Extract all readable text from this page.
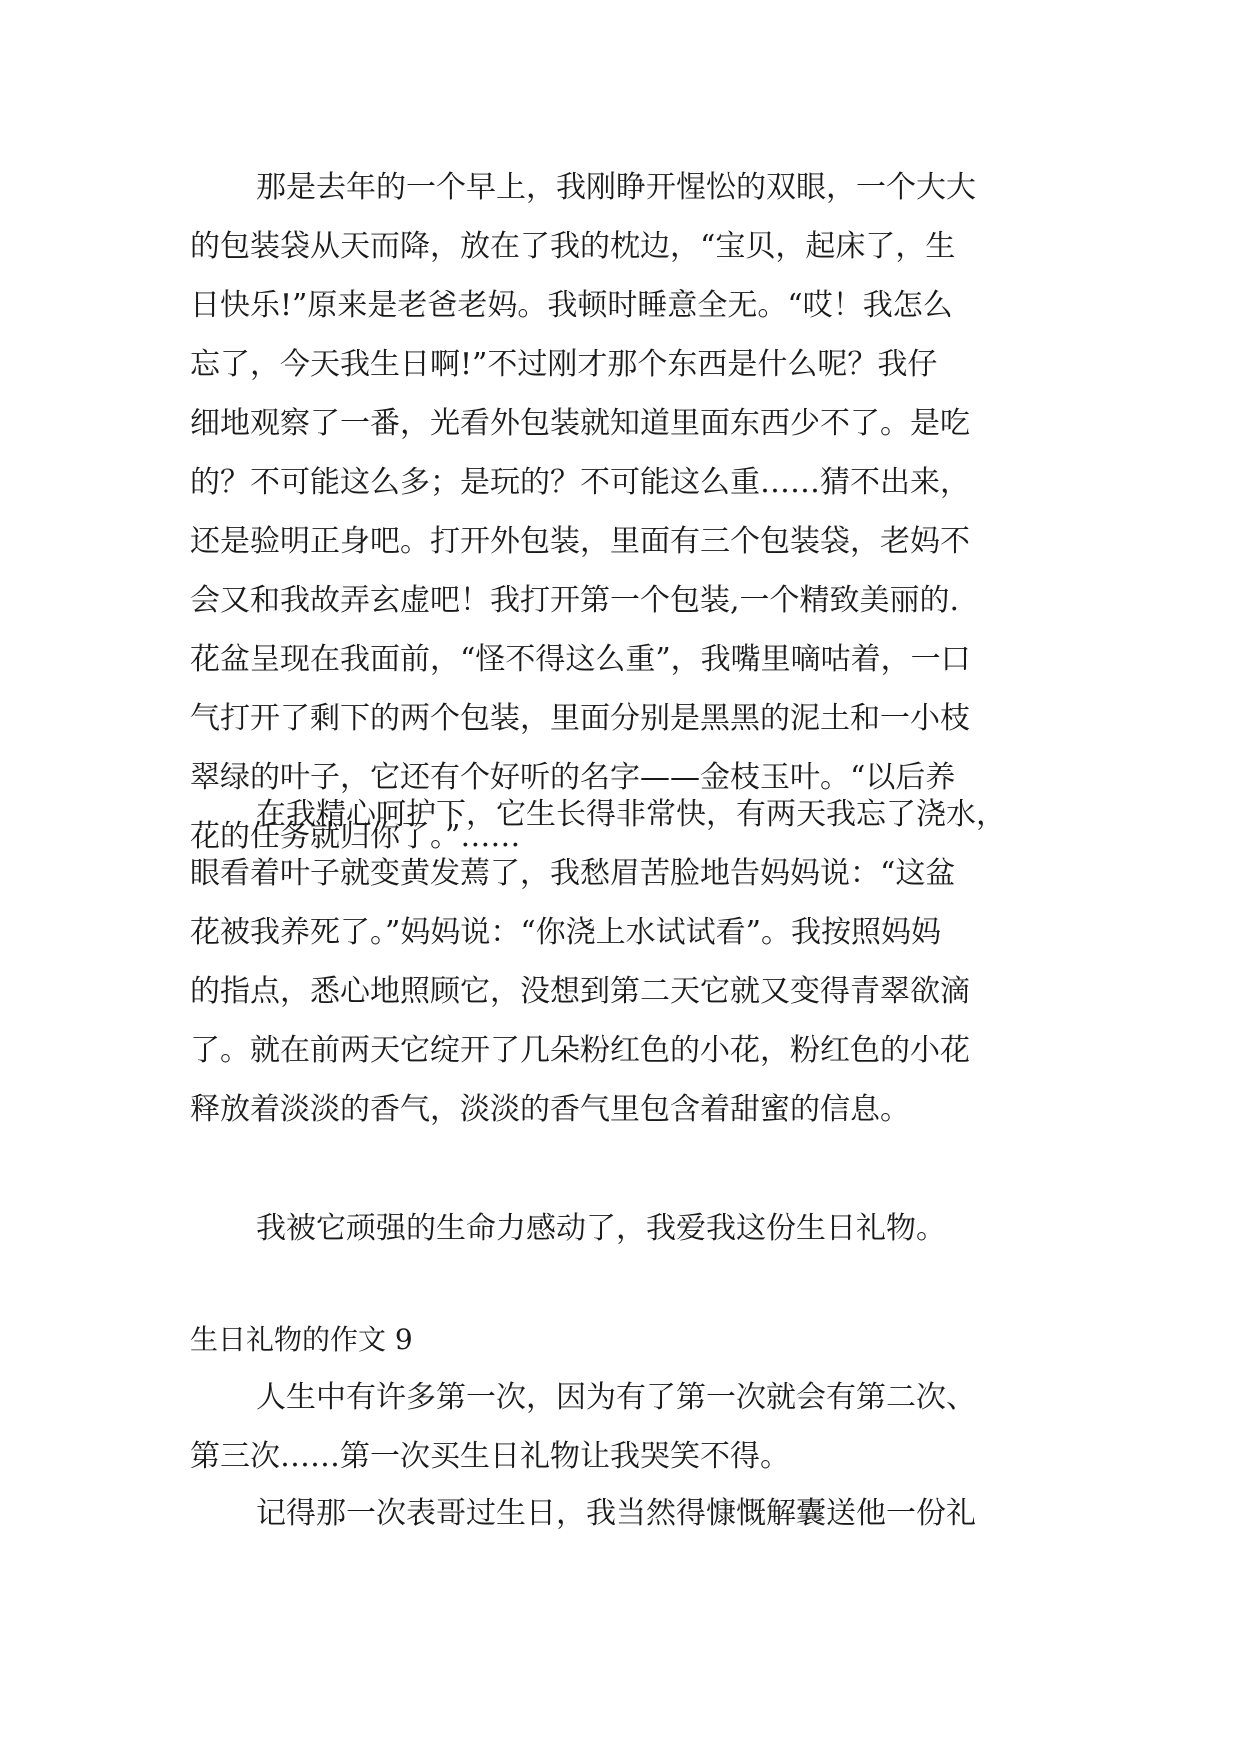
那是去年的一个早上，我刚睁开惺忪的双眼，一个大大
的包装袋从天而降，放在了我的枕边，“宝贝，起床了，生
日快乐!”原来是老爸老妈。我顿时睡意全无。“哎！我怎么
忘了，今天我生日啊!”不过刚才那个东西是什么呢？我仔
细地观察了一番，光看外包装就知道里面东西少不了。是吃
的？不可能这么多；是玩的？不可能这么重……猜不出来，
还是验明正身吧。打开外包装，里面有三个包装袋，老妈不
会又和我故弄玄虚吧！我打开第一个包装,一个精致美丽的.
花盆呈现在我面前，“怪不得这么重”，我嘴里嘀咕着，一口
气打开了剩下的两个包装，里面分别是黑黑的泥土和一小枝
翠绿的叶子，它还有个好听的名字——金枝玉叶。“以后养
花的任务就归你了。”……
在我精心呵护下，它生长得非常快，有两天我忘了浇水，
眼看着叶子就变黄发蔫了，我愁眉苦脸地告妈妈说：“这盆
花被我养死了。”妈妈说：“你浇上水试试看”。我按照妈妈
的指点，悉心地照顾它，没想到第二天它就又变得青翠欲滴
了。就在前两天它绽开了几朵粉红色的小花，粉红色的小花
释放着淡淡的香气，淡淡的香气里包含着甜蜜的信息。
我被它顽强的生命力感动了，我爱我这份生日礼物。
生日礼物的作文 9
人生中有许多第一次，因为有了第一次就会有第二次、
第三次……第一次买生日礼物让我哭笑不得。
记得那一次表哥过生日，我当然得慷慨解囊送他一份礼
